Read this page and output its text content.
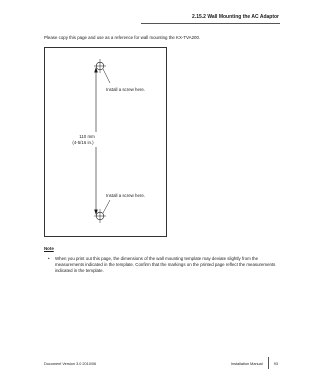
2.15.2 Wall Mounting the AC Adaptor
Please copy this page and use as a reference for wall mounting the KX-TVA200.
Install a screw here.
Install a screw here.
110 mm
(4-5/16 in.)
Note
• When you print out this page, the dimensions of the wall mounting template may deviate slightly from the measurements indicated in the template. Confirm that the markings on the printed page reflect the measurements indicated in the template.
Document Version 3.0 2010/06	Installation Manual	93
